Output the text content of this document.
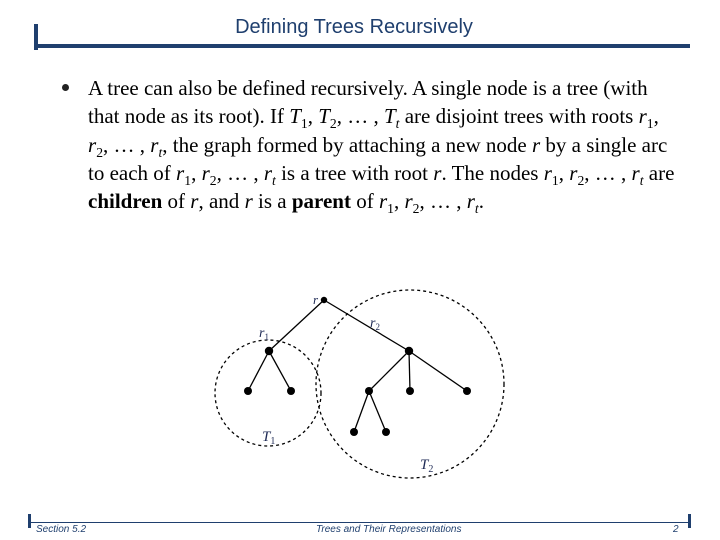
Defining Trees Recursively

A tree can also be defined recursively. A single node is a tree (with that node as its root). If $T_1$, $T_2$, … , $T_t$ are disjoint trees with roots $r_1$, $r_2$, … , $r_t$, the graph formed by attaching a new node r by a single arc to each of $r_1$, $r_2$, … , $r_t$ is a tree with root r. The nodes $r_1$, $r_2$, … , $r_t$ are children of r, and r is a parent of $r_1$, $r_2$, … , $r_t$.

r
$r_1$
$r_2$
$T_1$
$T_2$
Section 5.2	Trees and Their Representations	2
